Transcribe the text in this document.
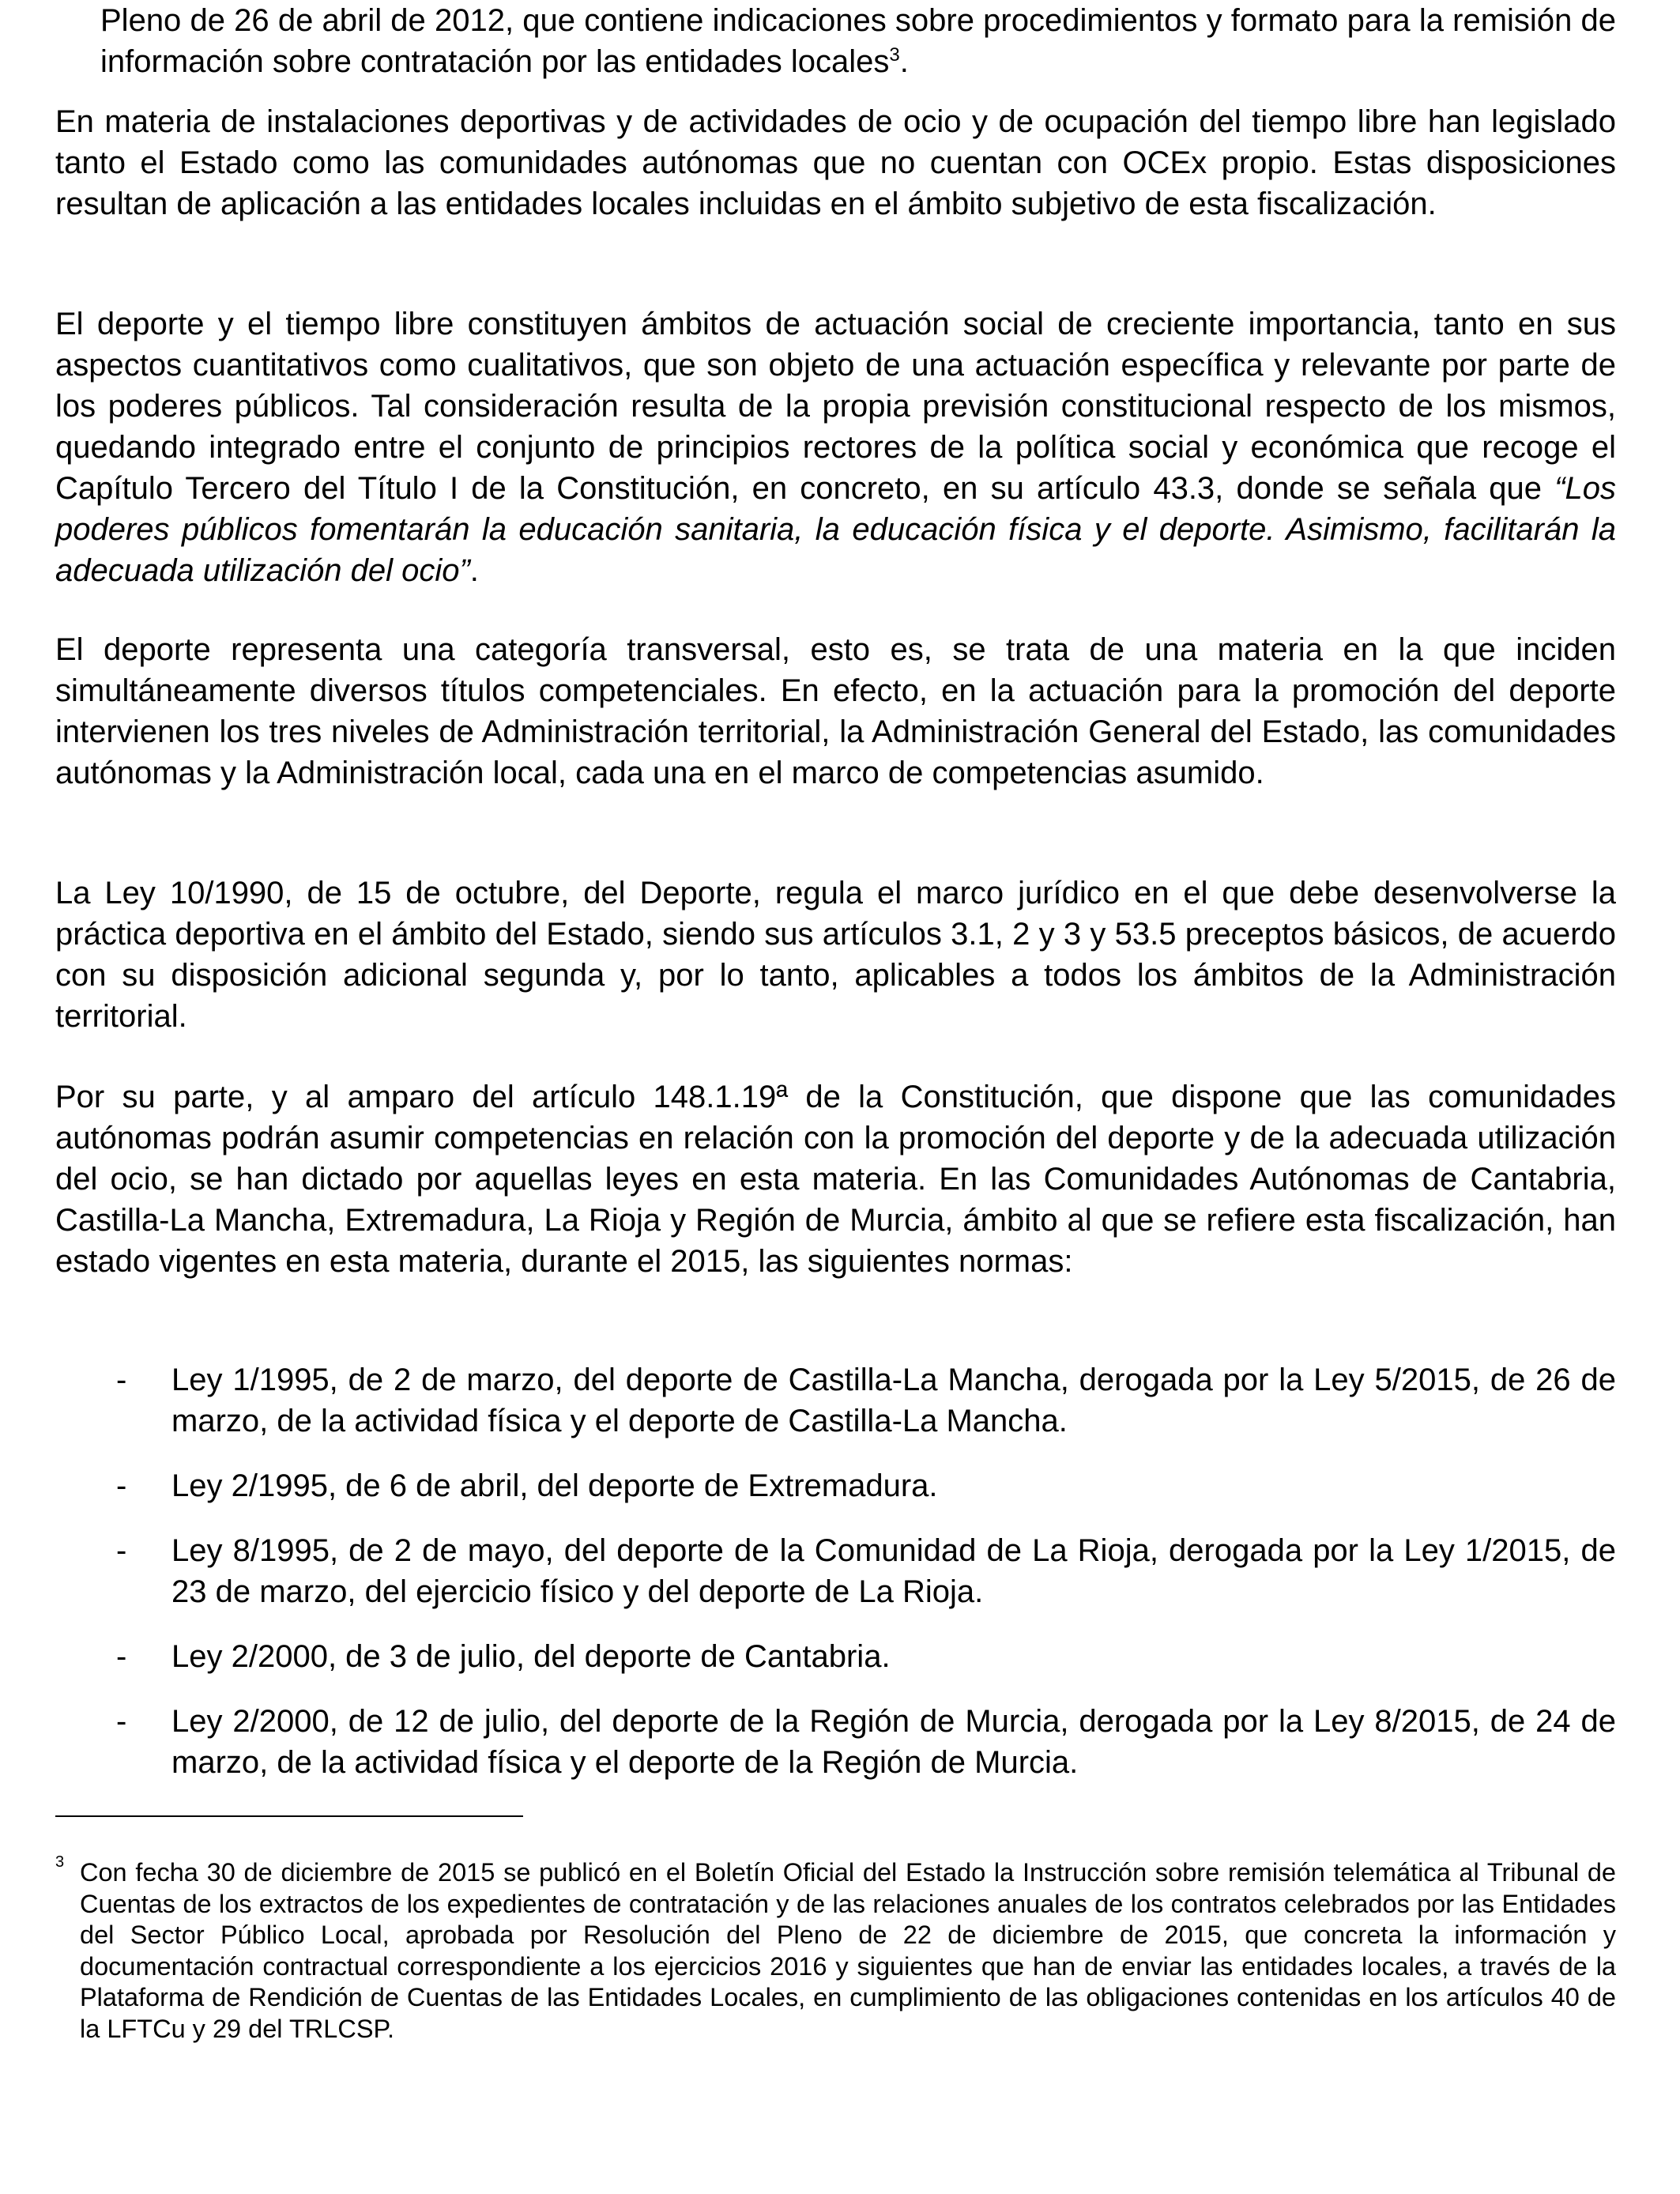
Pleno de 26 de abril de 2012, que contiene indicaciones sobre procedimientos y formato para la remisión de información sobre contratación por las entidades locales$^3$.

En materia de instalaciones deportivas y de actividades de ocio y de ocupación del tiempo libre han legislado tanto el Estado como las comunidades autónomas que no cuentan con OCEx propio. Estas disposiciones resultan de aplicación a las entidades locales incluidas en el ámbito subjetivo de esta fiscalización.

El deporte y el tiempo libre constituyen ámbitos de actuación social de creciente importancia, tanto en sus aspectos cuantitativos como cualitativos, que son objeto de una actuación específica y relevante por parte de los poderes públicos. Tal consideración resulta de la propia previsión constitucional respecto de los mismos, quedando integrado entre el conjunto de principios rectores de la política social y económica que recoge el Capítulo Tercero del Título I de la Constitución, en concreto, en su artículo 43.3, donde se señala que “Los poderes públicos fomentarán la educación sanitaria, la educación física y el deporte. Asimismo, facilitarán la adecuada utilización del ocio”.

El deporte representa una categoría transversal, esto es, se trata de una materia en la que inciden simultáneamente diversos títulos competenciales. En efecto, en la actuación para la promoción del deporte intervienen los tres niveles de Administración territorial, la Administración General del Estado, las comunidades autónomas y la Administración local, cada una en el marco de competencias asumido.

La Ley 10/1990, de 15 de octubre, del Deporte, regula el marco jurídico en el que debe desenvolverse la práctica deportiva en el ámbito del Estado, siendo sus artículos 3.1, 2 y 3 y 53.5 preceptos básicos, de acuerdo con su disposición adicional segunda y, por lo tanto, aplicables a todos los ámbitos de la Administración territorial.

Por su parte, y al amparo del artículo 148.1.19ª de la Constitución, que dispone que las comunidades autónomas podrán asumir competencias en relación con la promoción del deporte y de la adecuada utilización del ocio, se han dictado por aquellas leyes en esta materia. En las Comunidades Autónomas de Cantabria, Castilla-La Mancha, Extremadura, La Rioja y Región de Murcia, ámbito al que se refiere esta fiscalización, han estado vigentes en esta materia, durante el 2015, las siguientes normas:

- Ley 1/1995, de 2 de marzo, del deporte de Castilla-La Mancha, derogada por la Ley 5/2015, de 26 de marzo, de la actividad física y el deporte de Castilla-La Mancha.
- Ley 2/1995, de 6 de abril, del deporte de Extremadura.
- Ley 8/1995, de 2 de mayo, del deporte de la Comunidad de La Rioja, derogada por la Ley 1/2015, de 23 de marzo, del ejercicio físico y del deporte de La Rioja.
- Ley 2/2000, de 3 de julio, del deporte de Cantabria.
- Ley 2/2000, de 12 de julio, del deporte de la Región de Murcia, derogada por la Ley 8/2015, de 24 de marzo, de la actividad física y el deporte de la Región de Murcia.
3 Con fecha 30 de diciembre de 2015 se publicó en el Boletín Oficial del Estado la Instrucción sobre remisión telemática al Tribunal de Cuentas de los extractos de los expedientes de contratación y de las relaciones anuales de los contratos celebrados por las Entidades del Sector Público Local, aprobada por Resolución del Pleno de 22 de diciembre de 2015, que concreta la información y documentación contractual correspondiente a los ejercicios 2016 y siguientes que han de enviar las entidades locales, a través de la Plataforma de Rendición de Cuentas de las Entidades Locales, en cumplimiento de las obligaciones contenidas en los artículos 40 de la LFTCu y 29 del TRLCSP.
